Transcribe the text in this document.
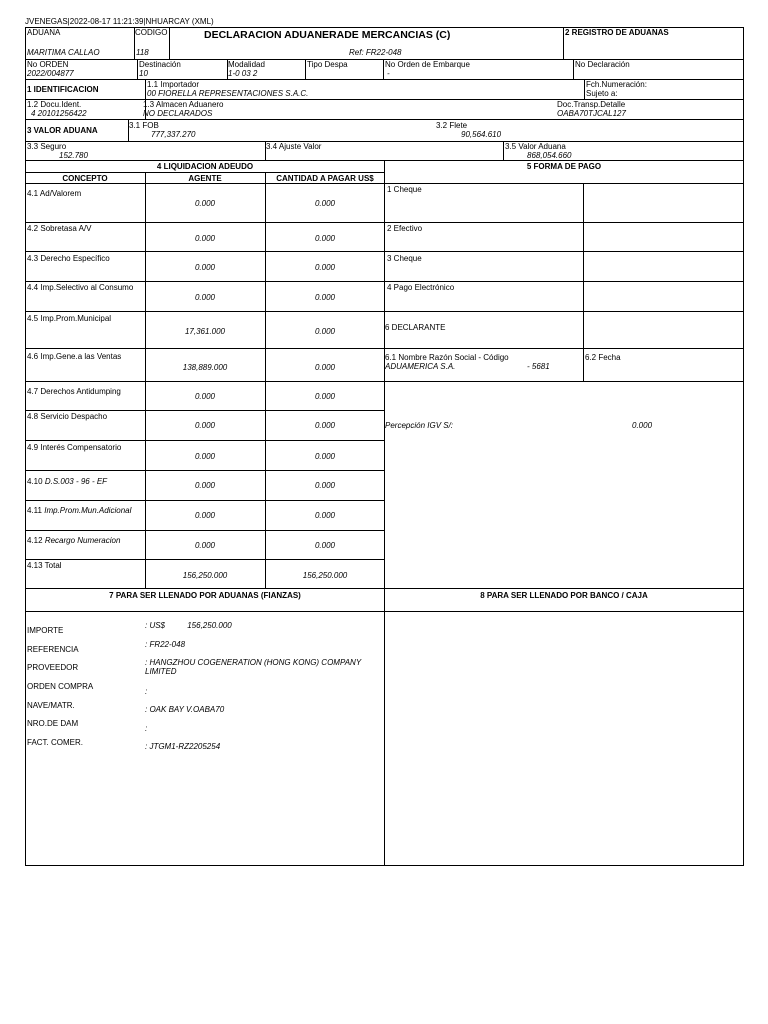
JVENEGAS|2022-08-17 11:21:39|NHUARCAY (XML)
ADUANA
MARITIMA CALLAO
CODIGO
118
DECLARACION ADUANERADE MERCANCIAS (C)
Ref: FR22-048
2 REGISTRO DE ADUANAS
No ORDEN
2022/004877
Destinación
10
Modalidad
1-0 03 2
Tipo Despa	No Orden de Embarque
-
No Declaración
1 IDENTIFICACION
1.1 Importador
00 FIORELLA REPRESENTACIONES S.A.C.
Fch.Numeración:
Sujeto a:
1.2 Docu.Ident.
4 20101256422
1.3 Almacen Aduanero
NO DECLARADOS
Doc.Transp.Detalle
OABA70TJCAL127
3 VALOR ADUANA
3.1 FOB
777,337.270
3.2 Flete
90,564.610
3.3 Seguro
152.780
3.4 Ajuste Valor	3.5 Valor Aduana
868,054.660
4 LIQUIDACION ADEUDO	5 FORMA DE PAGO
CONCEPTO	AGENTE	CANTIDAD A PAGAR US$
4.1 Ad/Valorem
0.000	0.000
4.2 Sobretasa A/V
0.000	0.000
4.3 Derecho Específico
0.000	0.000
4.4 Imp.Selectivo al Consumo
0.000	0.000
4.5 Imp.Prom.Municipal
17,361.000	0.000
4.6 Imp.Gene.a las Ventas
138,889.000	0.000
4.7 Derechos Antidumping
0.000	0.000
4.8 Servicio Despacho
0.000	0.000
4.9 Interés Compensatorio
0.000	0.000
4.10 D.S.003 - 96 - EF	0.000	0.000
4.11 Imp.Prom.Mun.Adicional
0.000	0.000
4.12 Recargo Numeracion
0.000	0.000
4.13 Total
156,250.000	156,250.000
1 Cheque
2 Efectivo
3 Cheque
4 Pago Electrónico
6 DECLARANTE
6.1 Nombre Razón Social - Código
ADUAMERICA S.A.	- 5681
6.2 Fecha
Percepción IGV S/:	0.000
7 PARA SER LLENADO POR ADUANAS (FIANZAS)	8 PARA SER LLENADO POR BANCO / CAJA
IMPORTE
: US$          156,250.000
REFERENCIA
: FR22-048
PROVEEDOR
: HANGZHOU COGENERATION (HONG KONG) COMPANY LIMITED
ORDEN COMPRA
:
NAVE/MATR.	: OAK BAY V.OABA70
NRO.DE DAM
:
FACT. COMER.	: JTGM1-RZ2205254
